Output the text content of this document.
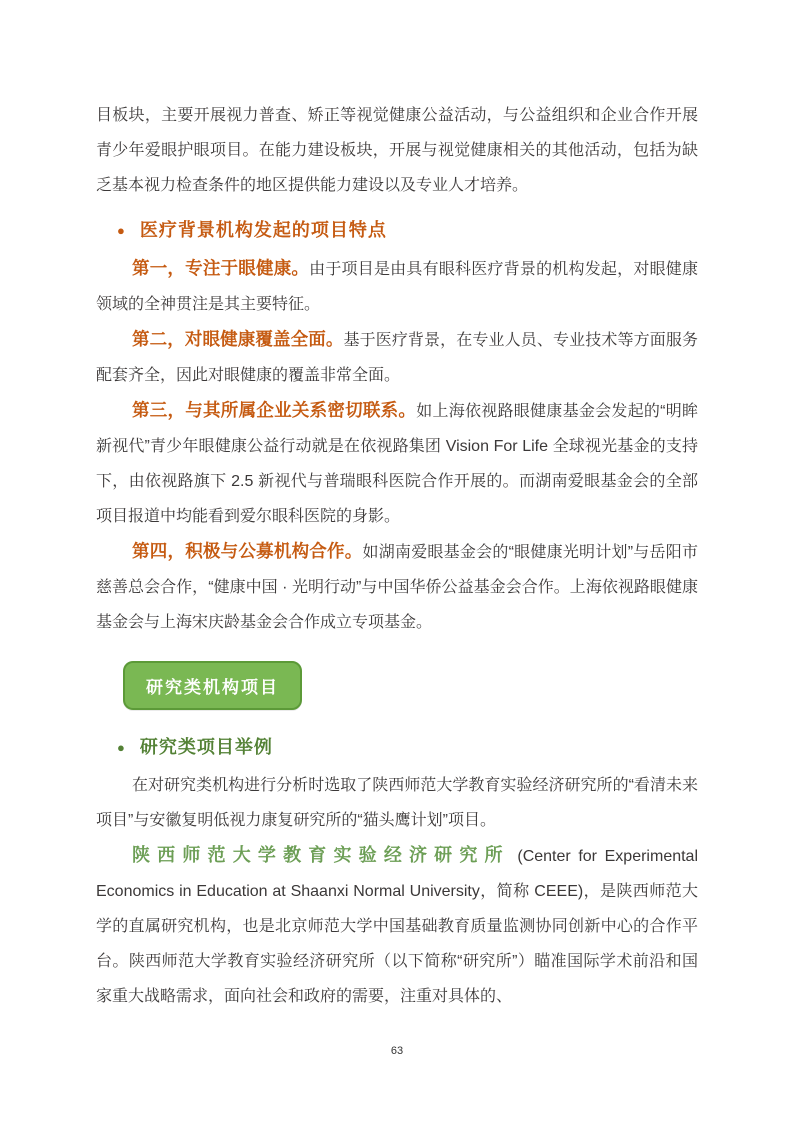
目板块，主要开展视力普查、矫正等视觉健康公益活动，与公益组织和企业合作开展青少年爱眼护眼项目。在能力建设板块，开展与视觉健康相关的其他活动，包括为缺乏基本视力检查条件的地区提供能力建设以及专业人才培养。

● 医疗背景机构发起的项目特点

第一，专注于眼健康。由于项目是由具有眼科医疗背景的机构发起，对眼健康领域的全神贯注是其主要特征。

第二，对眼健康覆盖全面。基于医疗背景，在专业人员、专业技术等方面服务配套齐全，因此对眼健康的覆盖非常全面。

第三，与其所属企业关系密切联系。如上海依视路眼健康基金会发起的“明眸新视代”青少年眼健康公益行动就是在依视路集团 Vision For Life 全球视光基金的支持下，由依视路旗下 2.5 新视代与普瑞眼科医院合作开展的。而湖南爱眼基金会的全部项目报道中均能看到爱尔眼科医院的身影。

第四，积极与公募机构合作。如湖南爱眼基金会的“眼健康光明计划”与岳阳市慈善总会合作，“健康中国 · 光明行动”与中国华侨公益基金会合作。上海依视路眼健康基金会与上海宋庆龄基金会合作成立专项基金。

研究类机构项目
● 研究类项目举例

在对研究类机构进行分析时选取了陕西师范大学教育实验经济研究所的“看清未来项目”与安徽复明低视力康复研究所的“猫头鹰计划”项目。

陕西师范大学教育实验经济研究所 (Center for Experimental Economics in Education at Shaanxi Normal University，简称 CEEE)，是陕西师范大学的直属研究机构，也是北京师范大学中国基础教育质量监测协同创新中心的合作平台。陕西师范大学教育实验经济研究所（以下简称“研究所”）瞄准国际学术前沿和国家重大战略需求，面向社会和政府的需要，注重对具体的、

63
